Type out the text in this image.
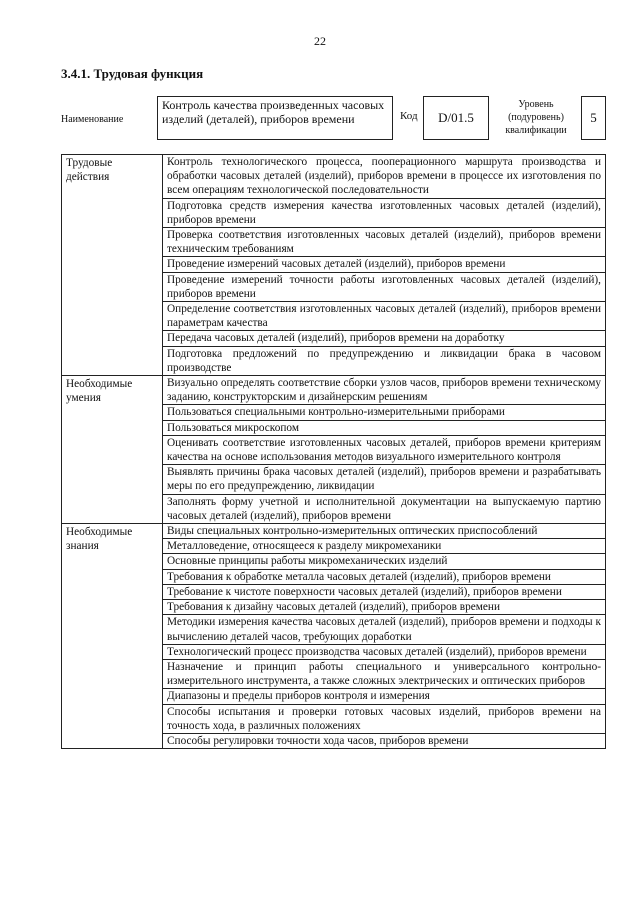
22
3.4.1. Трудовая функция
Наименование
Контроль качества произведенных часовых изделий (деталей), приборов времени	Код	D/01.5
Уровень (подуровень) квалификации
5
Трудовые действия	Контроль технологического процесса, пооперационного маршрута производства и обработки часовых деталей (изделий), приборов времени в процессе их изготовления по всем операциям технологической последовательности
	Подготовка средств измерения качества изготовленных часовых деталей (изделий), приборов времени
	Проверка соответствия изготовленных часовых деталей (изделий), приборов времени техническим требованиям
	Проведение измерений часовых деталей (изделий), приборов времени
	Проведение измерений точности работы изготовленных часовых деталей (изделий), приборов времени
	Определение соответствия изготовленных часовых деталей (изделий), приборов времени параметрам качества
	Передача часовых деталей (изделий), приборов времени на доработку
	Подготовка предложений по предупреждению и ликвидации брака в часовом производстве
Необходимые умения	Визуально определять соответствие сборки узлов часов, приборов времени техническому заданию, конструкторским и дизайнерским решениям
	Пользоваться специальными контрольно-измерительными приборами
	Пользоваться микроскопом
	Оценивать соответствие изготовленных часовых деталей, приборов времени критериям качества на основе использования методов визуального измерительного контроля
	Выявлять причины брака часовых деталей (изделий), приборов времени и разрабатывать меры по его предупреждению, ликвидации
	Заполнять форму учетной и исполнительной документации на выпускаемую партию часовых деталей (изделий), приборов времени
Необходимые знания	Виды специальных контрольно-измерительных оптических приспособлений
	Металловедение, относящееся к разделу микромеханики
	Основные принципы работы микромеханических изделий
	Требования к обработке металла часовых деталей (изделий), приборов времени
	Требование к чистоте поверхности часовых деталей (изделий), приборов времени
	Требования к дизайну часовых деталей (изделий), приборов времени
	Методики измерения качества часовых деталей (изделий), приборов времени и подходы к вычислению деталей часов, требующих доработки
	Технологический процесс производства часовых деталей (изделий), приборов времени
	Назначение и принцип работы специального и универсального контрольно-измерительного инструмента, а также сложных электрических и оптических приборов
	Диапазоны и пределы приборов контроля и измерения
	Способы испытания и проверки готовых часовых изделий, приборов времени на точность хода, в различных положениях
	Способы регулировки точности хода часов, приборов времени
